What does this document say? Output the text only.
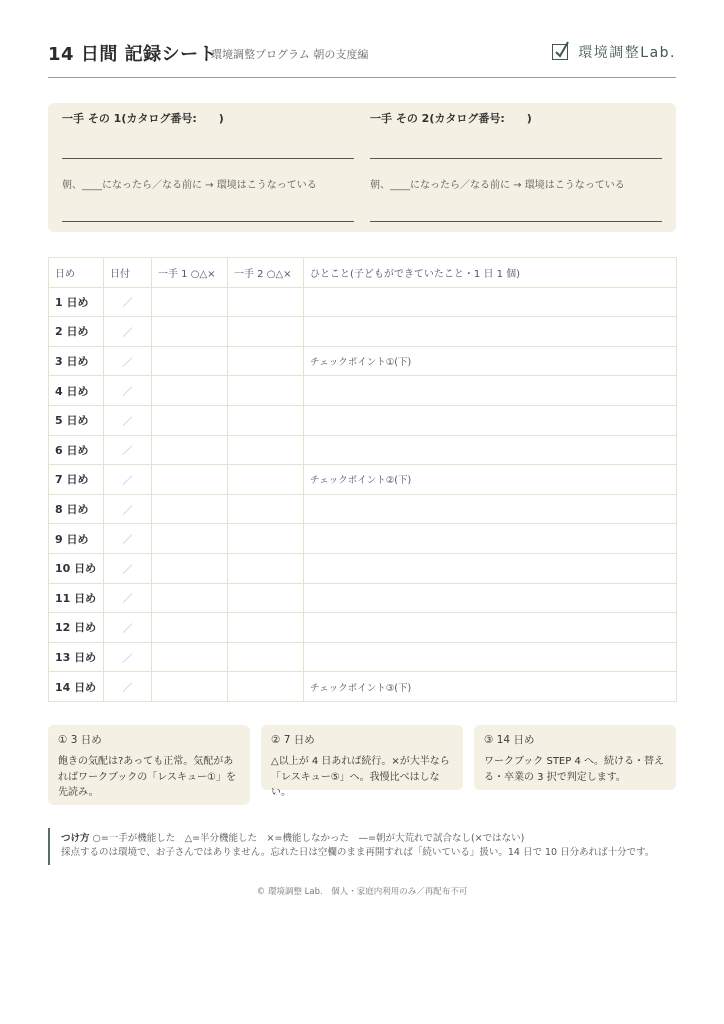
14 日間 記録シート
環境調整プログラム 朝の支度編	環境調整Lab.
一手 その 1(カタログ番号:　　)
朝、____になったら／なる前に → 環境はこうなっている
一手 その 2(カタログ番号:　　)
朝、____になったら／なる前に → 環境はこうなっている
日め	日付	一手 1 ○△×	一手 2 ○△×	ひとこと(子どもができていたこと・1 日 1 個)
1 日め	／			
2 日め	／			
3 日め	／			チェックポイント①(下)
4 日め	／			
5 日め	／			
6 日め	／			
7 日め	／			チェックポイント②(下)
8 日め	／			
9 日め	／			
10 日め	／			
11 日め	／			
12 日め	／			
13 日め	／			
14 日め	／			チェックポイント③(下)
① 3 日め
飽きの気配は?あっても正常。気配があればワークブックの「レスキュー①」を先読み。
② 7 日め
△以上が 4 日あれば続行。×が大半なら「レスキュー⑤」へ。我慢比べはしない。
③ 14 日め
ワークブック STEP 4 へ。続ける・替える・卒業の 3 択で判定します。
つけ方 ○=一手が機能した　△=半分機能した　×=機能しなかった　—=朝が大荒れで試合なし(×ではない)
採点するのは環境で、お子さんではありません。忘れた日は空欄のまま再開すれば「続いている」扱い。14 日で 10 日分あれば十分です。
© 環境調整 Lab.　個人・家庭内利用のみ／再配布不可
